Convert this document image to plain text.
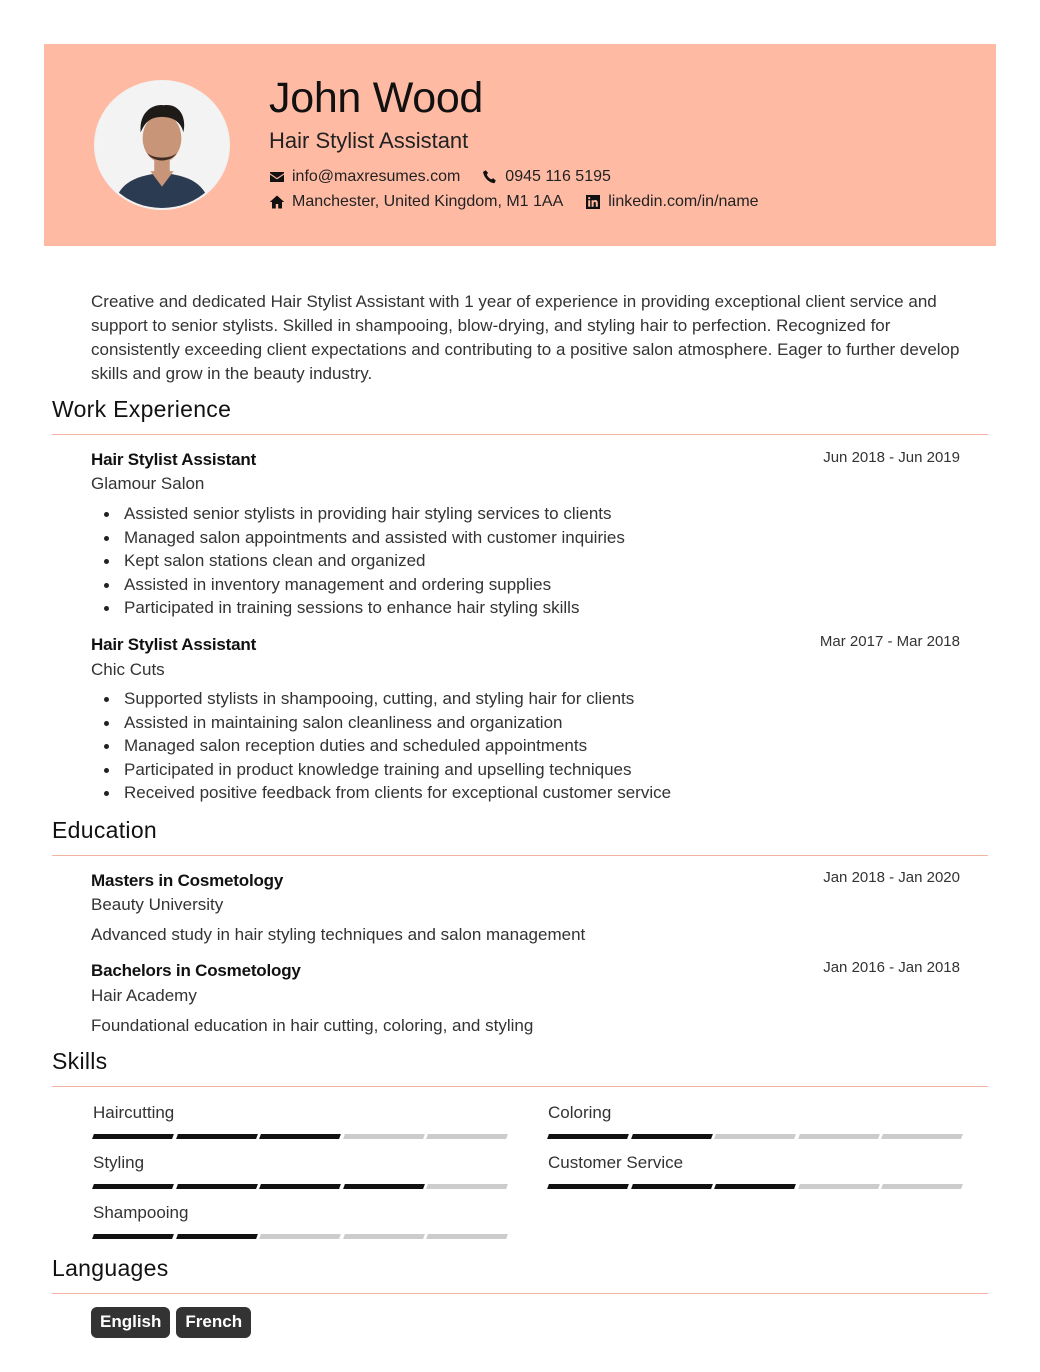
John Wood
Hair Stylist Assistant
info@maxresumes.com	0945 116 5195
Manchester, United Kingdom, M1 1AA	linkedin.com/in/name
Creative and dedicated Hair Stylist Assistant with 1 year of experience in providing exceptional client service and support to senior stylists. Skilled in shampooing, blow-drying, and styling hair to perfection. Recognized for consistently exceeding client expectations and contributing to a positive salon atmosphere. Eager to further develop skills and grow in the beauty industry.
Work Experience
Hair Stylist Assistant	Jun 2018 - Jun 2019
Glamour Salon
Assisted senior stylists in providing hair styling services to clients
Managed salon appointments and assisted with customer inquiries
Kept salon stations clean and organized
Assisted in inventory management and ordering supplies
Participated in training sessions to enhance hair styling skills
Hair Stylist Assistant	Mar 2017 - Mar 2018
Chic Cuts
Supported stylists in shampooing, cutting, and styling hair for clients
Assisted in maintaining salon cleanliness and organization
Managed salon reception duties and scheduled appointments
Participated in product knowledge training and upselling techniques
Received positive feedback from clients for exceptional customer service
Education
Masters in Cosmetology	Jan 2018 - Jan 2020
Beauty University
Advanced study in hair styling techniques and salon management
Bachelors in Cosmetology	Jan 2016 - Jan 2018
Hair Academy
Foundational education in hair cutting, coloring, and styling
Skills
Haircutting	Coloring
Styling	Customer Service
Shampooing
Languages
English	French
